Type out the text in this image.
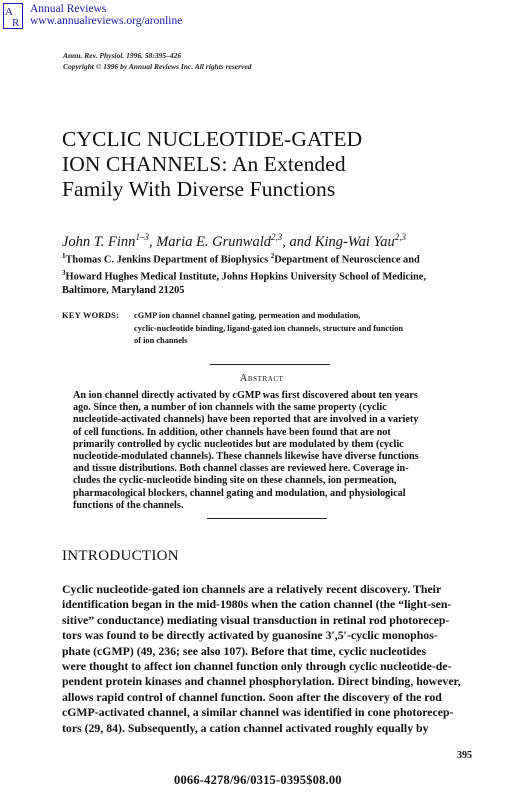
A
R
Annual Reviews
www.annualreviews.org/aronline
Annu. Rev. Physiol. 1996. 58:395–426
Copyright © 1996 by Annual Reviews Inc. All rights reserved
CYCLIC NUCLEOTIDE-GATED
ION CHANNELS: An Extended
Family With Diverse Functions
John T. Finn$^{1-3}$, Maria E. Grunwald$^{2,3}$, and King-Wai Yau$^{2,3}$
$^1$Thomas C. Jenkins Department of Biophysics $^2$Department of Neuroscience and
$^3$Howard Hughes Medical Institute, Johns Hopkins University School of Medicine,
Baltimore, Maryland 21205
KEY WORDS: cGMP ion channel channel gating, permeation and modulation,
cyclic-nucleotide binding, ligand-gated ion channels, structure and function
of ion channels
Abstract
An ion channel directly activated by cGMP was first discovered about ten years
ago. Since then, a number of ion channels with the same property (cyclic
nucleotide-activated channels) have been reported that are involved in a variety
of cell functions. In addition, other channels have been found that are not
primarily controlled by cyclic nucleotides but are modulated by them (cyclic
nucleotide-modulated channels). These channels likewise have diverse functions
and tissue distributions. Both channel classes are reviewed here. Coverage in-
cludes the cyclic-nucleotide binding site on these channels, ion permeation,
pharmacological blockers, channel gating and modulation, and physiological
functions of the channels.
INTRODUCTION
Cyclic nucleotide-gated ion channels are a relatively recent discovery. Their
identification began in the mid-1980s when the cation channel (the “light-sen-
sitive” conductance) mediating visual transduction in retinal rod photorecep-
tors was found to be directly activated by guanosine 3′,5′-cyclic monophos-
phate (cGMP) (49, 236; see also 107). Before that time, cyclic nucleotides
were thought to affect ion channel function only through cyclic nucleotide-de-
pendent protein kinases and channel phosphorylation. Direct binding, however,
allows rapid control of channel function. Soon after the discovery of the rod
cGMP-activated channel, a similar channel was identified in cone photorecep-
tors (29, 84). Subsequently, a cation channel activated roughly equally by
395
0066-4278/96/0315-0395$08.00
